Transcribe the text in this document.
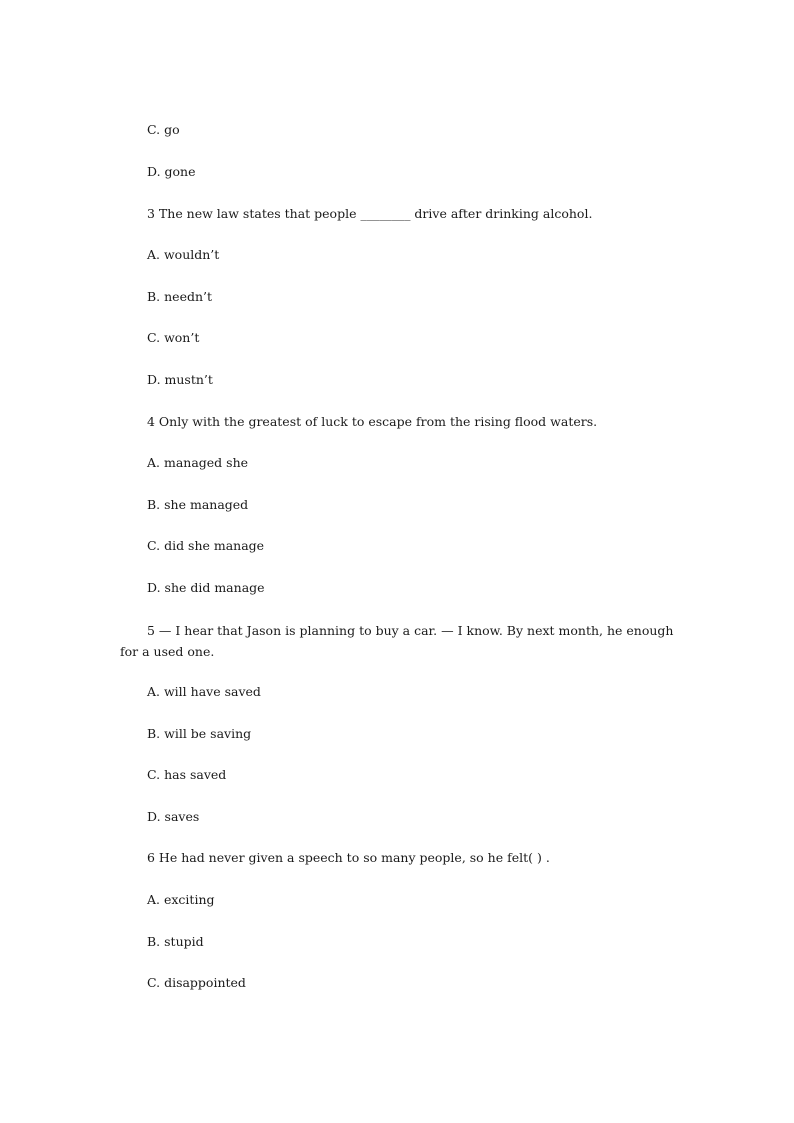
C. go

D. gone

3 The new law states that people ________ drive after drinking alcohol.

A. wouldn’t

B. needn’t

C. won’t

D. mustn’t

4 Only with the greatest of luck to escape from the rising flood waters.

A. managed she

B. she managed

C. did she manage

D. she did manage

5 — I hear that Jason is planning to buy a car. — I know. By next month, he enough for a used one.

A. will have saved

B. will be saving

C. has saved

D. saves

6 He had never given a speech to so many people, so he felt( ) .

A. exciting

B. stupid

C. disappointed
